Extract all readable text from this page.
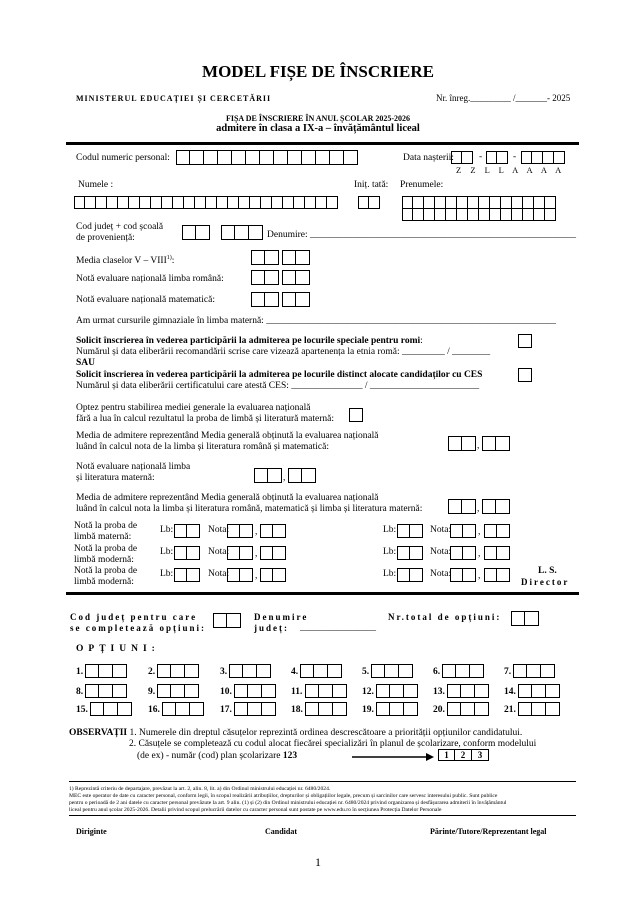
MODEL FIȘE DE ÎNSCRIERE
MINISTERUL EDUCAȚIEI ȘI CERCETĂRII	Nr. înreg._________ /_______- 2025
FIȘA DE ÎNSCRIERE ÎN ANUL ȘCOLAR 2025-2026
admitere în clasa a IX-a – învățământul liceal
Codul numeric personal:	Data nașterii:	-	-
Z Z L L A A A A
Numele :	Iniț. tată: Prenumele:
Cod județ + cod școală
de proveniență:	Denumire: ________________________________________________________
Media claselor V – VIII$^{1)}$:
Notă evaluare națională limba română:
Notă evaluare națională matematică:
Am urmat cursurile gimnaziale în limba maternă: _____________________________________________________________
Solicit înscrierea în vederea participării la admiterea pe locurile speciale pentru romi:
Numărul și data eliberării recomandării scrise care vizează apartenența la etnia romă: _________ / ________
SAU
Solicit înscrierea în vederea participării la admiterea pe locurile distinct alocate candidaților cu CES
Numărul și data eliberării certificatului care atestă CES: _______________ / _______________________
Optez pentru stabilirea mediei generale la evaluarea națională
fără a lua în calcul rezultatul la proba de limbă și literatură maternă:
Media de admitere reprezentând Media generală obținută la evaluarea națională
luând în calcul nota de la limba și literatura română și matematică:	,
Notă evaluare națională limba
și literatura maternă:	,
Media de admitere reprezentând Media generală obținută la evaluarea națională
luând în calcul nota la limba și literatura română, matematică și limba și literatura maternă:	,
Notă la proba de
limbă maternă:
Notă la proba de
limbă modernă:
Notă la proba de
limbă modernă:
Lb:	Nota:	,	Lb:	Nota:	,
Lb:	Nota:	,	Lb:	Nota:	,
Lb:	Nota:	,	Lb:	Nota:	,	L. S.
Director
Cod județ pentru care
se completează opțiuni:
Denumire
județ: ________________
Nr.total de opțiuni:
OPȚIUNI:
1.	2.	3.	4.	5.	6.	7.
8.	9.	10.	11.	12.	13.	14.
15.	16.	17.	18.	19.	20.	21.
OBSERVAȚII 1. Numerele din dreptul căsuțelor reprezintă ordinea descrescătoare a priorității opțiunilor candidatului.
2. Căsuțele se completează cu codul alocat fiecărei specializări în planul de școlarizare, conform modelului
(de ex) - număr (cod) plan școlarizare 123	1	2	3
1) Reprezintă criteriu de departajare, prevăzut la art. 2, alin. 8, lit. a) din Ordinul ministrului educației nr. 6480/2024.
MEC este operator de date cu caracter personal, conform legii, în scopul realizării atribuțiilor, drepturilor și obligațiilor legale, precum și sarcinilor care servesc interesului public. Sunt publice
pentru o perioadă de 2 ani datele cu caracter personal prevăzute la art. 9 alin. (1) și (2) din Ordinul ministrului educației nr. 6480/2024 privind organizarea și desfășurarea admiterii în învățământul
liceal pentru anul școlar 2025-2026. Detalii privind scopul prelucrării datelor cu caracter personal sunt postate pe www.edu.ro în secțiunea Protecția Datelor Personale
Diriginte	Candidat	Părinte/Tutore/Reprezentant legal
1
